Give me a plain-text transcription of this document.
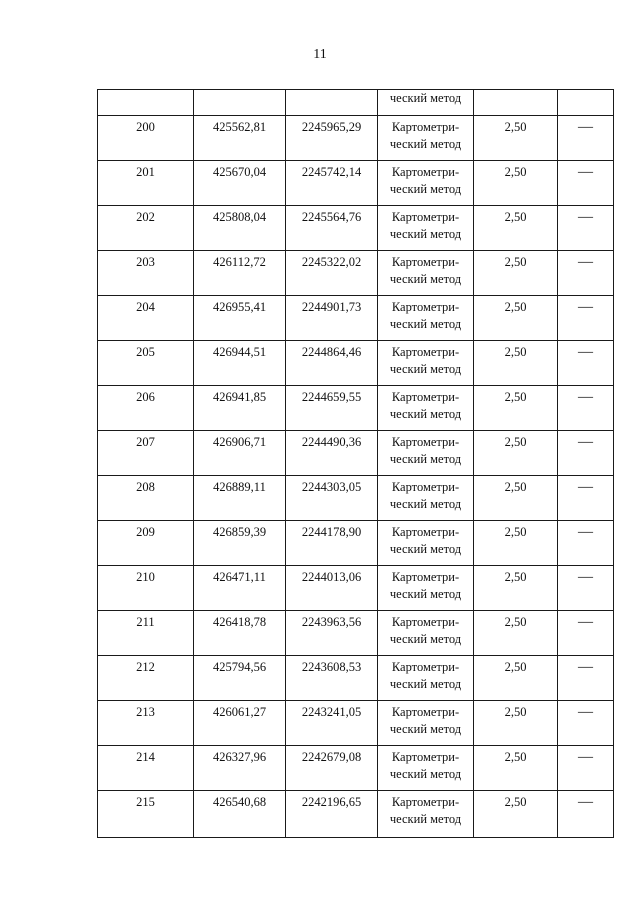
11

			ческий метод		

200	425562,81	2245965,29	Картометри-
ческий метод	2,50	—

201	425670,04	2245742,14	Картометри-
ческий метод	2,50	—

202	425808,04	2245564,76	Картометри-
ческий метод	2,50	—

203	426112,72	2245322,02	Картометри-
ческий метод	2,50	—

204	426955,41	2244901,73	Картометри-
ческий метод	2,50	—

205	426944,51	2244864,46	Картометри-
ческий метод	2,50	—

206	426941,85	2244659,55	Картометри-
ческий метод	2,50	—

207	426906,71	2244490,36	Картометри-
ческий метод	2,50	—

208	426889,11	2244303,05	Картометри-
ческий метод	2,50	—

209	426859,39	2244178,90	Картометри-
ческий метод	2,50	—

210	426471,11	2244013,06	Картометри-
ческий метод	2,50	—

211	426418,78	2243963,56	Картометри-
ческий метод	2,50	—

212	425794,56	2243608,53	Картометри-
ческий метод	2,50	—

213	426061,27	2243241,05	Картометри-
ческий метод	2,50	—

214	426327,96	2242679,08	Картометри-
ческий метод	2,50	—

215	426540,68	2242196,65	Картометри-
ческий метод	2,50	—
